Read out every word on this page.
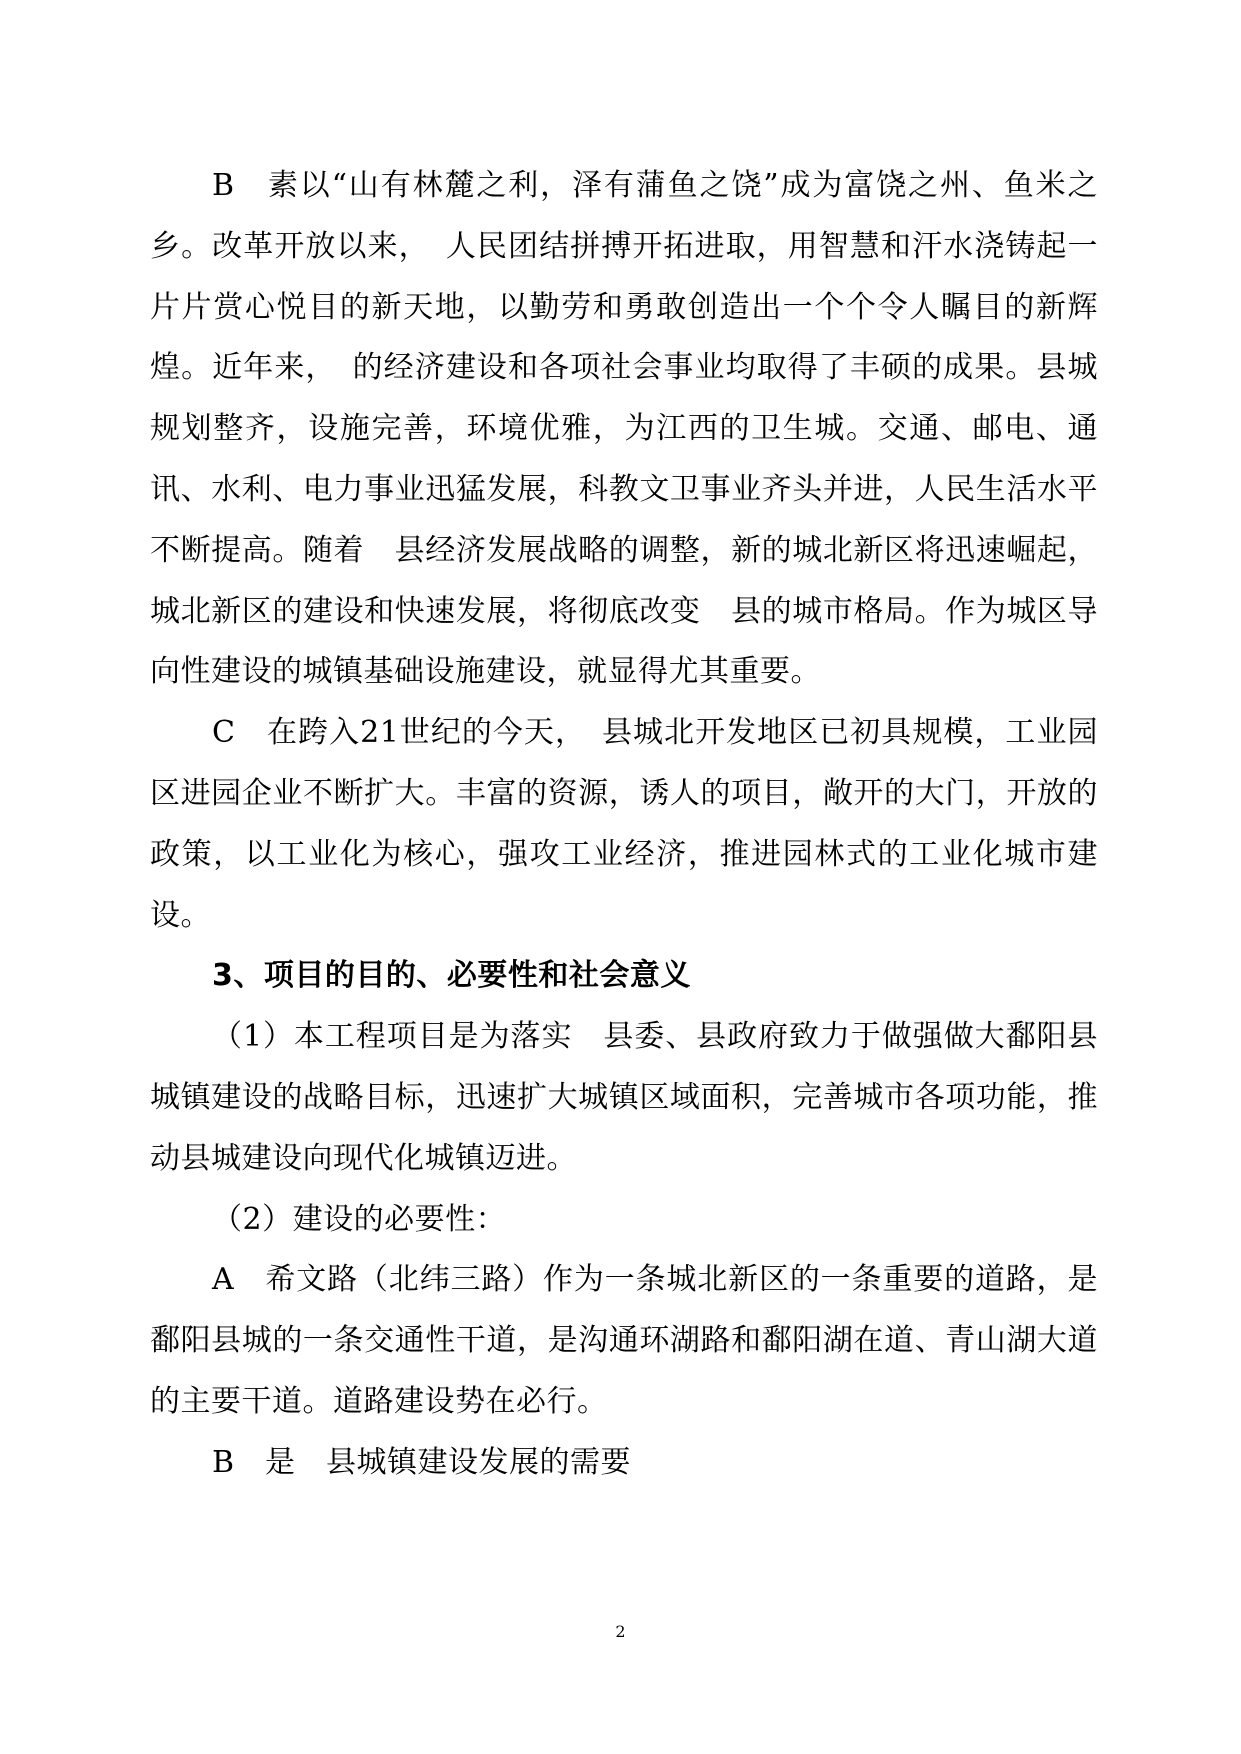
B　素以“山有林麓之利，泽有蒲鱼之饶”成为富饶之州、鱼米之乡。改革开放以来，　人民团结拼搏开拓进取，用智慧和汗水浇铸起一片片赏心悦目的新天地，以勤劳和勇敢创造出一个个令人瞩目的新辉煌。近年来，　的经济建设和各项社会事业均取得了丰硕的成果。县城规划整齐，设施完善，环境优雅，为江西的卫生城。交通、邮电、通讯、水利、电力事业迅猛发展，科教文卫事业齐头并进，人民生活水平不断提高。随着　县经济发展战略的调整，新的城北新区将迅速崛起，城北新区的建设和快速发展，将彻底改变　县的城市格局。作为城区导向性建设的城镇基础设施建设，就显得尤其重要。

C　在跨入21世纪的今天，　县城北开发地区已初具规模，工业园区进园企业不断扩大。丰富的资源，诱人的项目，敞开的大门，开放的政策，以工业化为核心，强攻工业经济，推进园林式的工业化城市建设。

3、项目的目的、必要性和社会意义

（1）本工程项目是为落实　县委、县政府致力于做强做大鄱阳县城镇建设的战略目标，迅速扩大城镇区域面积，完善城市各项功能，推动县城建设向现代化城镇迈进。

（2）建设的必要性：

A　希文路（北纬三路）作为一条城北新区的一条重要的道路，是鄱阳县城的一条交通性干道，是沟通环湖路和鄱阳湖在道、青山湖大道的主要干道。道路建设势在必行。

B　是　县城镇建设发展的需要

2
